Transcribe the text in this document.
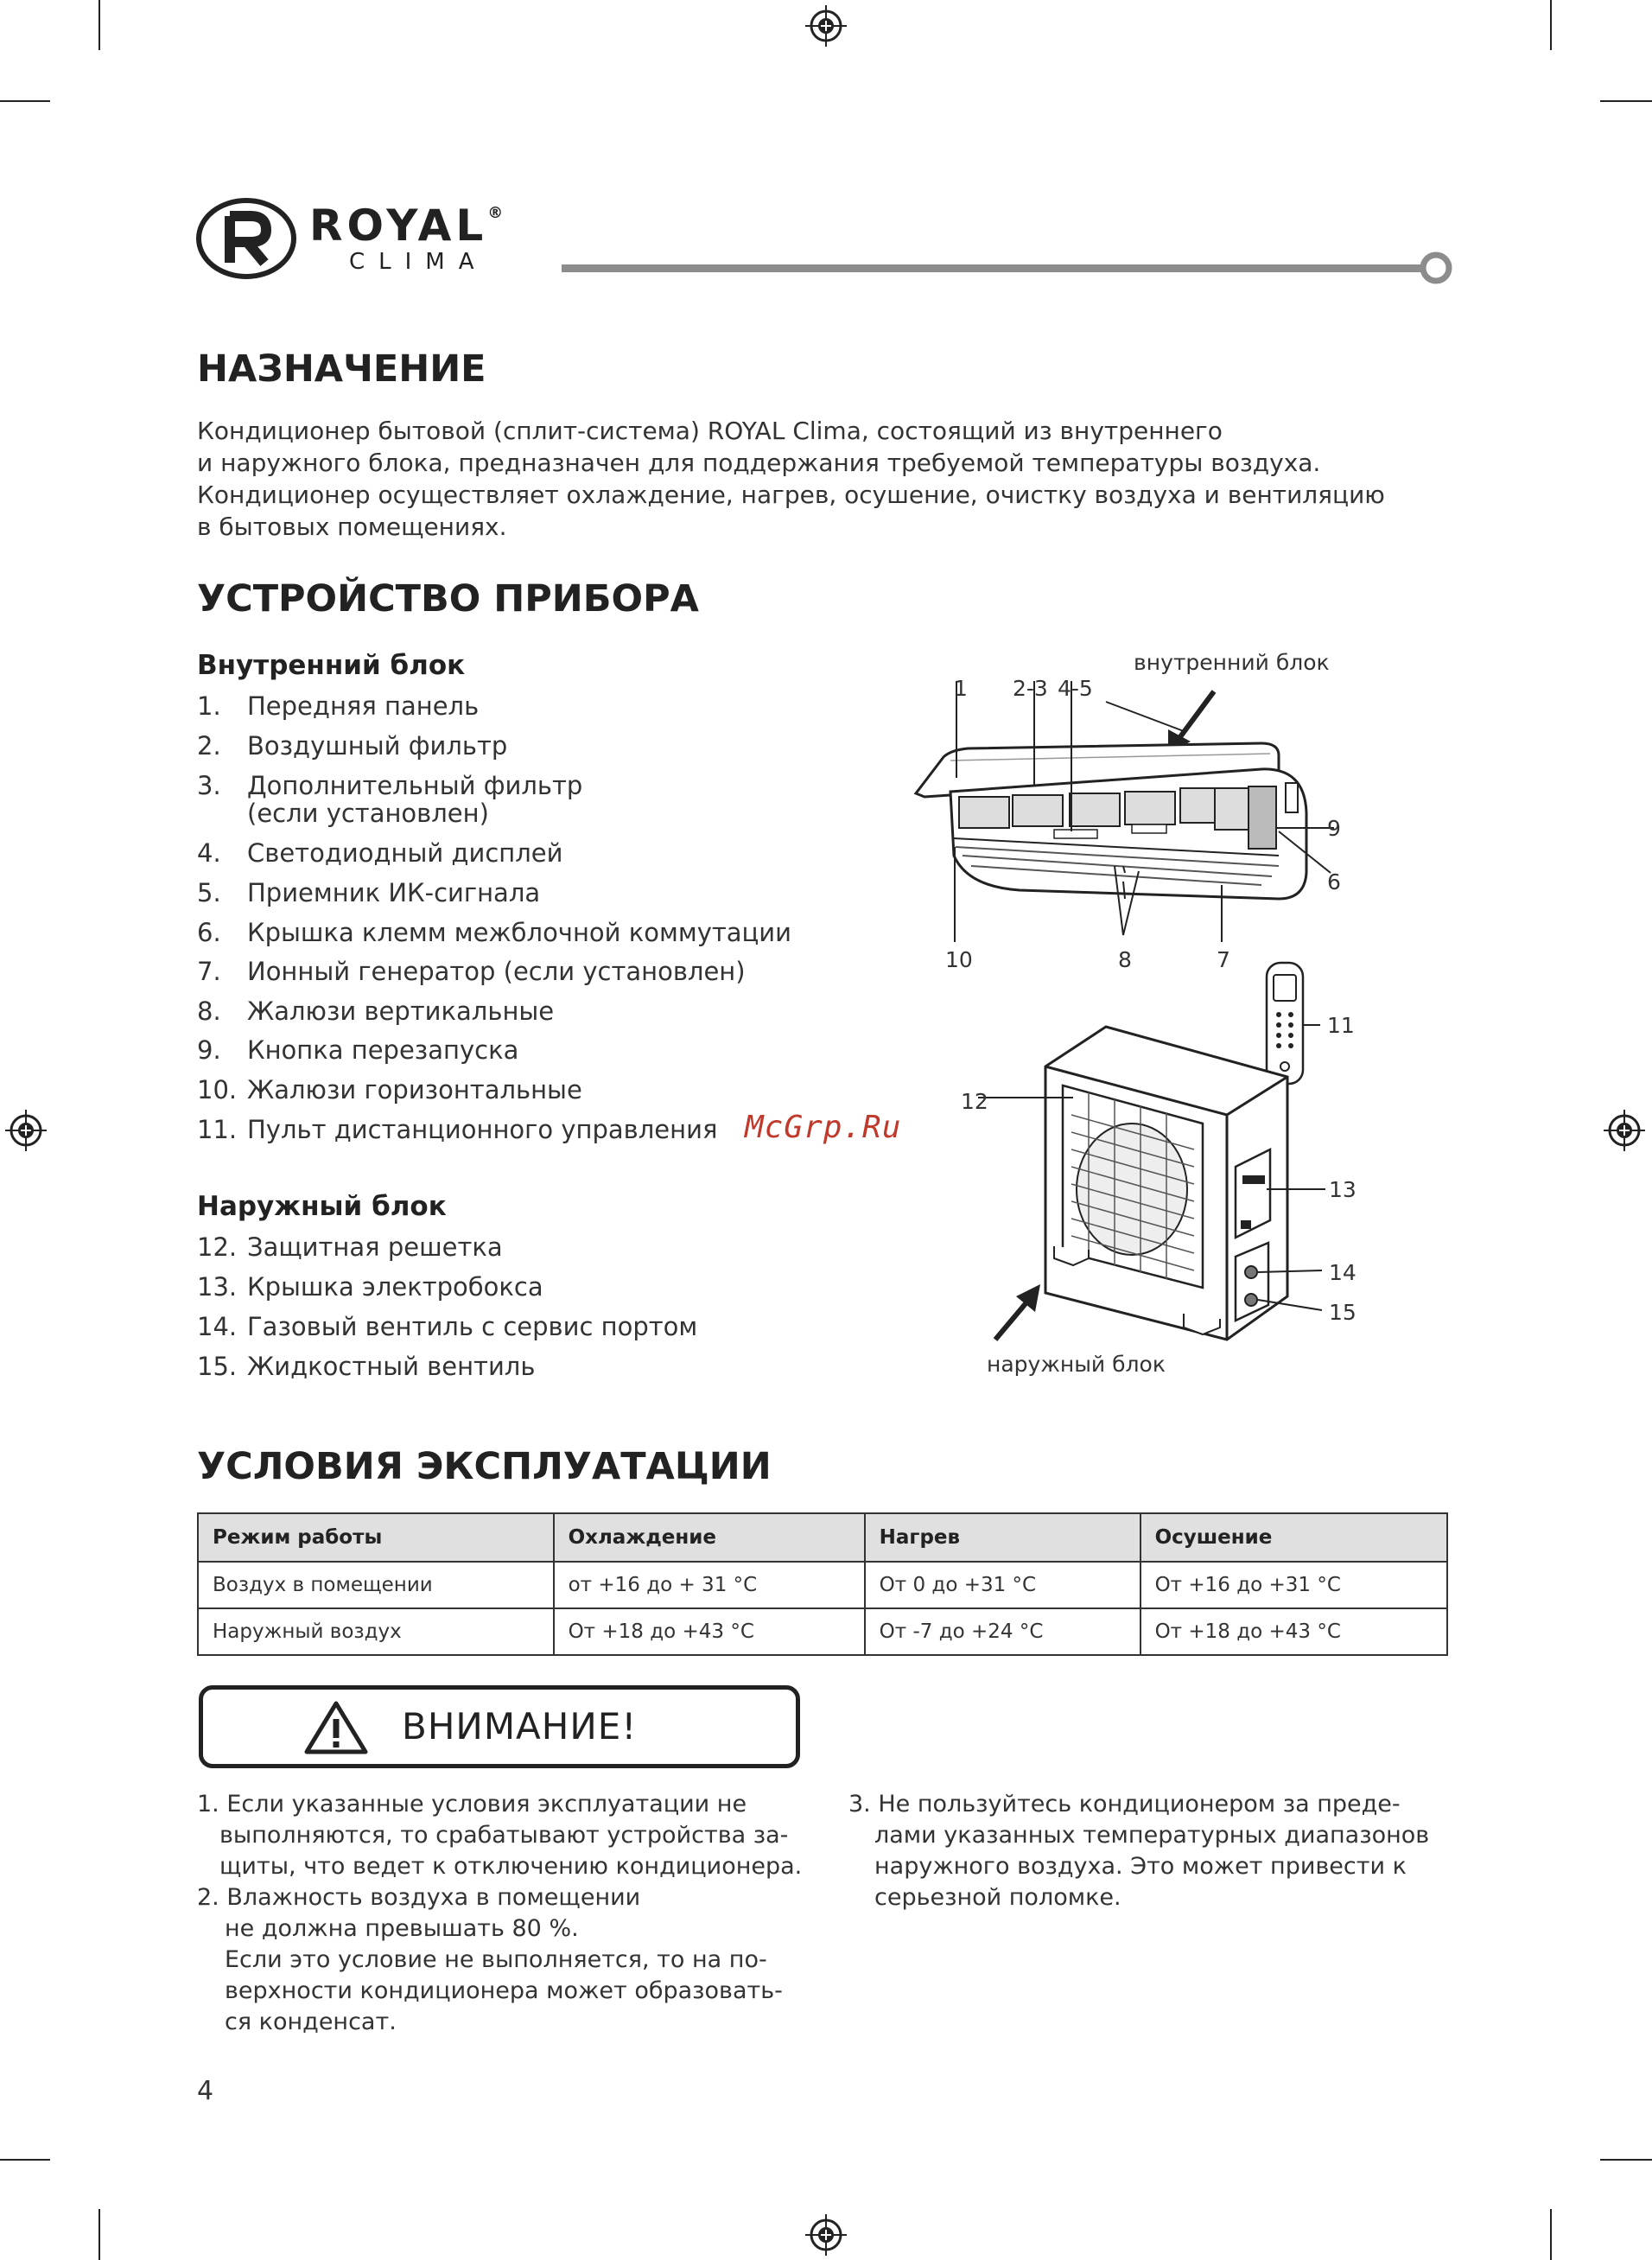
ROYAL®
CLIMA
НАЗНАЧЕНИЕ
Кондиционер бытовой (сплит-система) ROYAL Clima, состоящий из внутреннего
и наружного блока, предназначен для поддержания требуемой температуры воздуха.
Кондиционер осуществляет охлаждение, нагрев, осушение, очистку воздуха и вентиляцию
в бытовых помещениях.
УСТРОЙСТВО ПРИБОРА
Внутренний блок
1. Передняя панель
2. Воздушный фильтр
3. Дополнительный фильтр
(если установлен)
4. Светодиодный дисплей
5. Приемник ИК-сигнала
6. Крышка клемм межблочной коммутации
7. Ионный генератор (если установлен)
8. Жалюзи вертикальные
9. Кнопка перезапуска
10. Жалюзи горизонтальные
11. Пульт дистанционного управления McGrp.Ru
Наружный блок
12. Защитная решетка
13. Крышка электробокса
14. Газовый вентиль с сервис портом
15. Жидкостный вентиль
внутренний блок
1 2-3 4-5
9
6
10	8	7
11
12
13
14
15
наружный блок
УСЛОВИЯ ЭКСПЛУАТАЦИИ
Режим работы	Охлаждение	Нагрев	Осушение
Воздух в помещении	от +16 до + 31 °С	От 0 до +31 °С	От +16 до +31 °С
Наружный воздух	От +18 до +43 °С	От -7 до +24 °С	От +18 до +43 °С
ВНИМАНИЕ!
1. Если указанные условия эксплуатации не
выполняются, то срабатывают устройства за-
щиты, что ведет к отключению кондиционера.
2. Влажность воздуха в помещении
не должна превышать 80 %.
Если это условие не выполняется, то на по-
верхности кондиционера может образовать-
ся конденсат.
3. Не пользуйтесь кондиционером за преде-
лами указанных температурных диапазонов
наружного воздуха. Это может привести к
серьезной поломке.
4
